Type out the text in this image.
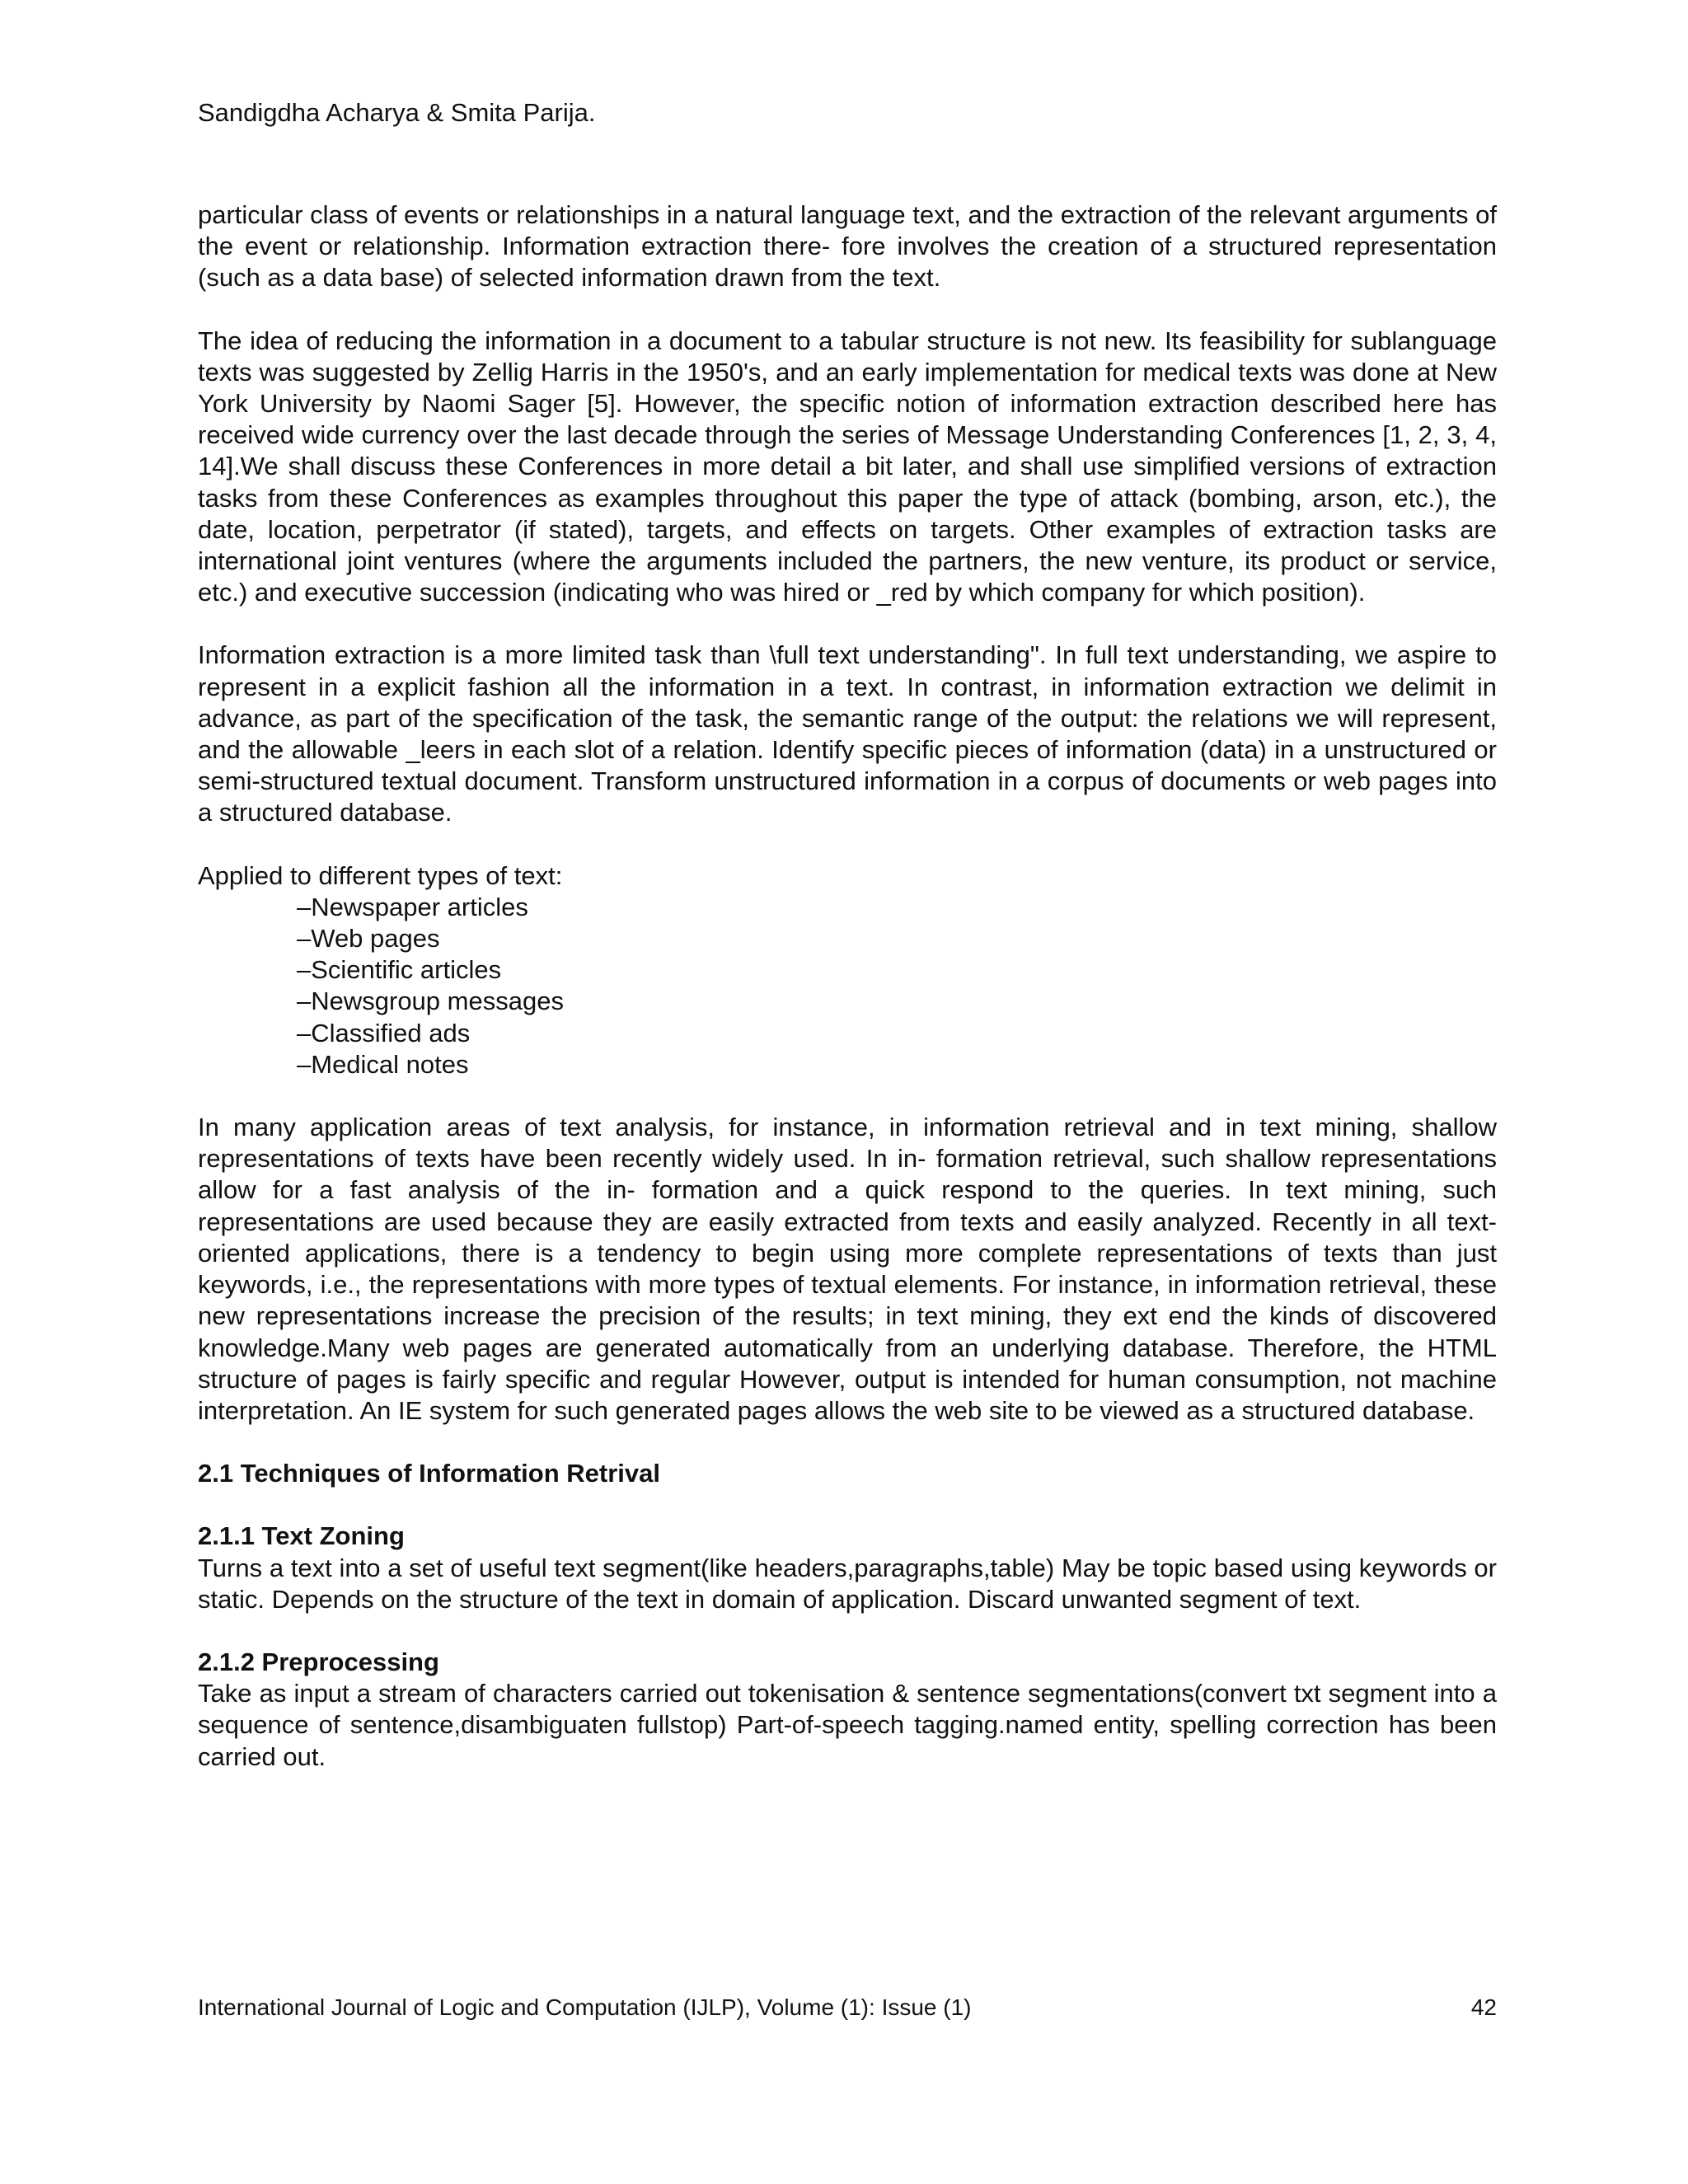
Sandigdha Acharya & Smita Parija.

particular class of events or relationships in a natural language text, and the extraction of the relevant arguments of the event or relationship. Information extraction there- fore involves the creation of a structured representation (such as a data base) of selected information drawn from the text.

The idea of reducing the information in a document to a tabular structure is not new. Its feasibility for sublanguage texts was suggested by Zellig Harris in the 1950's, and an early implementation for medical texts was done at New York University by Naomi Sager [5]. However, the specific notion of information extraction described here has received wide currency over the last decade through the series of Message Understanding Conferences [1, 2, 3, 4, 14].We shall discuss these Conferences in more detail a bit later, and shall use simplified versions of extraction tasks from these Conferences as examples throughout this paper the type of attack (bombing, arson, etc.), the date, location, perpetrator (if stated), targets, and effects on targets. Other examples of extraction tasks are international joint ventures (where the arguments included the partners, the new venture, its product or service, etc.) and executive succession (indicating who was hired or _red by which company for which position).

Information extraction is a more limited task than \full text understanding". In full text understanding, we aspire to represent in a explicit fashion all the information in a text. In contrast, in information extraction we delimit in advance, as part of the specification of the task, the semantic range of the output: the relations we will represent, and the allowable _leers in each slot of a relation. Identify specific pieces of information (data) in a unstructured or semi-structured textual document. Transform unstructured information in a corpus of documents or web pages into a structured database.

Applied to different types of text:
–Newspaper articles
–Web pages
–Scientific articles
–Newsgroup messages
–Classified ads
–Medical notes

In many application areas of text analysis, for instance, in information retrieval and in text mining, shallow representations of texts have been recently widely used. In in- formation retrieval, such shallow representations allow for a fast analysis of the in- formation and a quick respond to the queries. In text mining, such representations are used because they are easily extracted from texts and easily analyzed. Recently in all text-oriented applications, there is a tendency to begin using more complete representations of texts than just keywords, i.e., the representations with more types of textual elements. For instance, in information retrieval, these new representations increase the precision of the results; in text mining, they ext end the kinds of discovered knowledge.Many web pages are generated automatically from an underlying database. Therefore, the HTML structure of pages is fairly specific and regular However, output is intended for human consumption, not machine interpretation. An IE system for such generated pages allows the web site to be viewed as a structured database.

2.1 Techniques of Information Retrival
2.1.1 Text Zoning

Turns a text into a set of useful text segment(like headers,paragraphs,table) May be topic based using keywords or static. Depends on the structure of the text in domain of application. Discard unwanted segment of text.

2.1.2 Preprocessing

Take as input a stream of characters carried out tokenisation & sentence segmentations(convert txt segment into a sequence of sentence,disambiguaten fullstop) Part-of-speech tagging.named entity, spelling correction has been carried out.

International Journal of Logic and Computation (IJLP), Volume (1): Issue (1)	42
